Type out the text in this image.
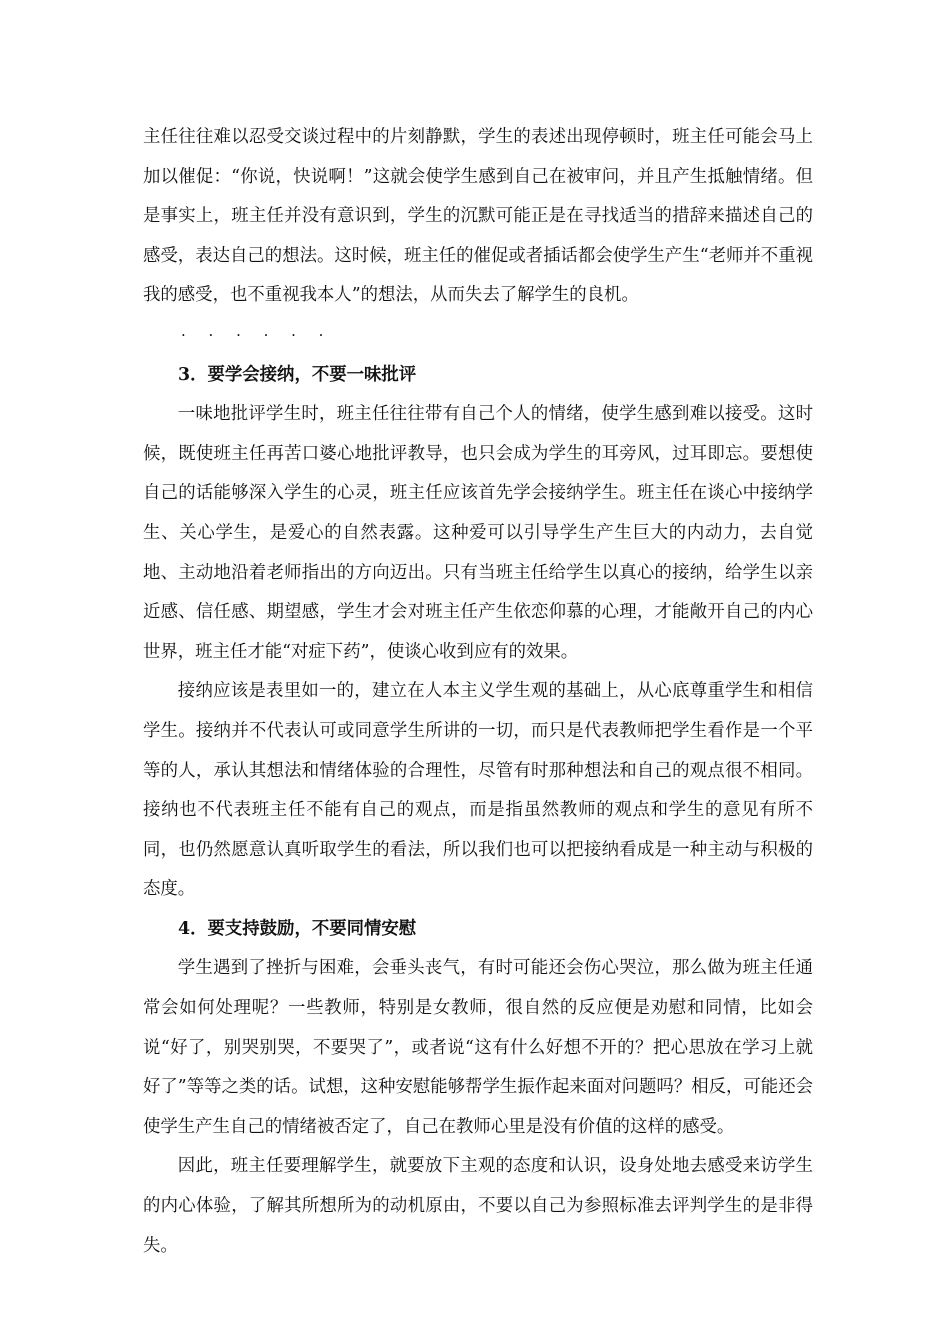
主任往往难以忍受交谈过程中的片刻静默，学生的表述出现停顿时，班主任可能会马上加以催促：“你说，快说啊！”这就会使学生感到自己在被审问，并且产生抵触情绪。但是事实上，班主任并没有意识到，学生的沉默可能正是在寻找适当的措辞来描述自己的感受，表达自己的想法。这时候，班主任的催促或者插话都会使学生产生“老师并不重视我的感受，也不重视我本人”的想法，从而失去了解学生的良机。

· · · · · ·

3．要学会接纳，不要一味批评

一味地批评学生时，班主任往往带有自己个人的情绪，使学生感到难以接受。这时候，既使班主任再苦口婆心地批评教导，也只会成为学生的耳旁风，过耳即忘。要想使自己的话能够深入学生的心灵，班主任应该首先学会接纳学生。班主任在谈心中接纳学生、关心学生，是爱心的自然表露。这种爱可以引导学生产生巨大的内动力，去自觉地、主动地沿着老师指出的方向迈出。只有当班主任给学生以真心的接纳，给学生以亲近感、信任感、期望感，学生才会对班主任产生依恋仰慕的心理，才能敞开自己的内心世界，班主任才能“对症下药”，使谈心收到应有的效果。

接纳应该是表里如一的，建立在人本主义学生观的基础上，从心底尊重学生和相信学生。接纳并不代表认可或同意学生所讲的一切，而只是代表教师把学生看作是一个平等的人，承认其想法和情绪体验的合理性，尽管有时那种想法和自己的观点很不相同。接纳也不代表班主任不能有自己的观点，而是指虽然教师的观点和学生的意见有所不同，也仍然愿意认真听取学生的看法，所以我们也可以把接纳看成是一种主动与积极的态度。

4．要支持鼓励，不要同情安慰

学生遇到了挫折与困难，会垂头丧气，有时可能还会伤心哭泣，那么做为班主任通常会如何处理呢？一些教师，特别是女教师，很自然的反应便是劝慰和同情，比如会说“好了，别哭别哭，不要哭了”，或者说“这有什么好想不开的？把心思放在学习上就好了”等等之类的话。试想，这种安慰能够帮学生振作起来面对问题吗？相反，可能还会使学生产生自己的情绪被否定了，自己在教师心里是没有价值的这样的感受。

因此，班主任要理解学生，就要放下主观的态度和认识，设身处地去感受来访学生的内心体验，了解其所想所为的动机原由，不要以自己为参照标准去评判学生的是非得失。
